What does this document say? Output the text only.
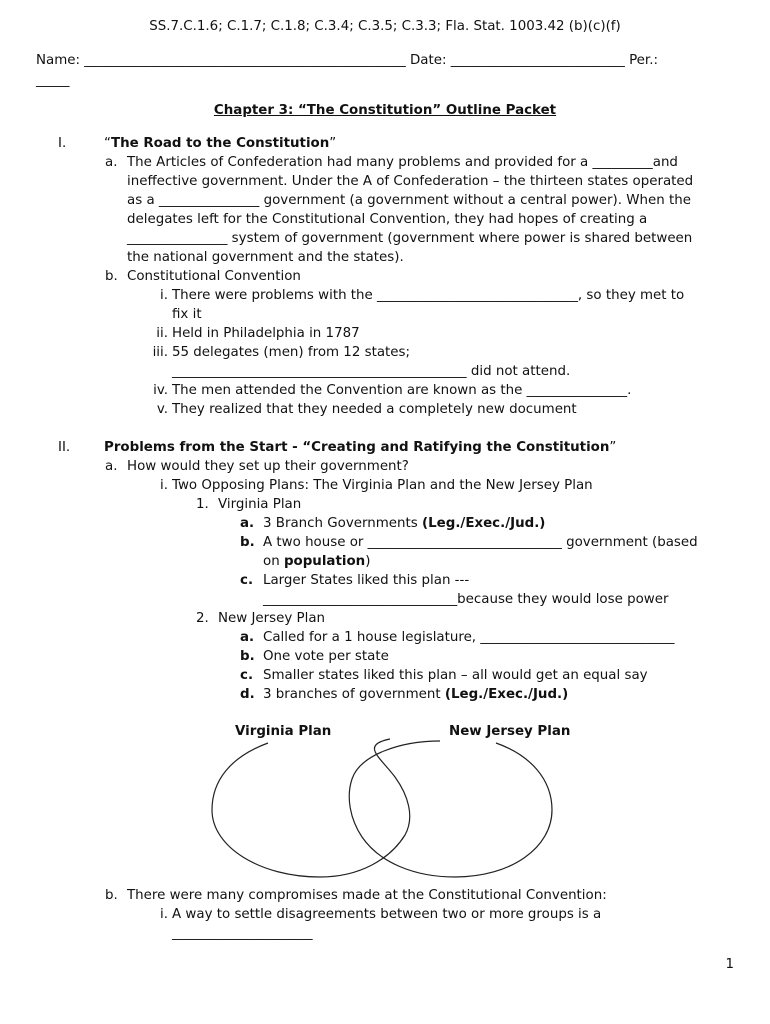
SS.7.C.1.6; C.1.7; C.1.8; C.3.4; C.3.5; C.3.3; Fla. Stat. 1003.42 (b)(c)(f)
Name: ________________________________________________ Date: __________________________ Per.:
_____
Chapter 3: “The Constitution” Outline Packet
I.	“The Road to the Constitution”
a. The Articles of Confederation had many problems and provided for a _________and
ineffective government. Under the A of Confederation – the thirteen states operated
as a _______________ government (a government without a central power). When the
delegates left for the Constitutional Convention, they had hopes of creating a
_______________ system of government (government where power is shared between
the national government and the states).
b. Constitutional Convention
i. There were problems with the ______________________________, so they met to
fix it
ii. Held in Philadelphia in 1787
iii. 55 delegates (men) from 12 states;
____________________________________________ did not attend.
iv. The men attended the Convention are known as the _______________.
v. They realized that they needed a completely new document
II.	Problems from the Start - “Creating and Ratifying the Constitution”
a. How would they set up their government?
i. Two Opposing Plans: The Virginia Plan and the New Jersey Plan
1. Virginia Plan
a. 3 Branch Governments (Leg./Exec./Jud.)
b. A two house or _____________________________ government (based
on population)
c. Larger States liked this plan ---
_____________________________because they would lose power
2. New Jersey Plan
a. Called for a 1 house legislature, _____________________________
b. One vote per state
c. Smaller states liked this plan – all would get an equal say
d. 3 branches of government (Leg./Exec./Jud.)
Virginia Plan	New Jersey Plan
b. There were many compromises made at the Constitutional Convention:
i. A way to settle disagreements between two or more groups is a
_____________________
1
